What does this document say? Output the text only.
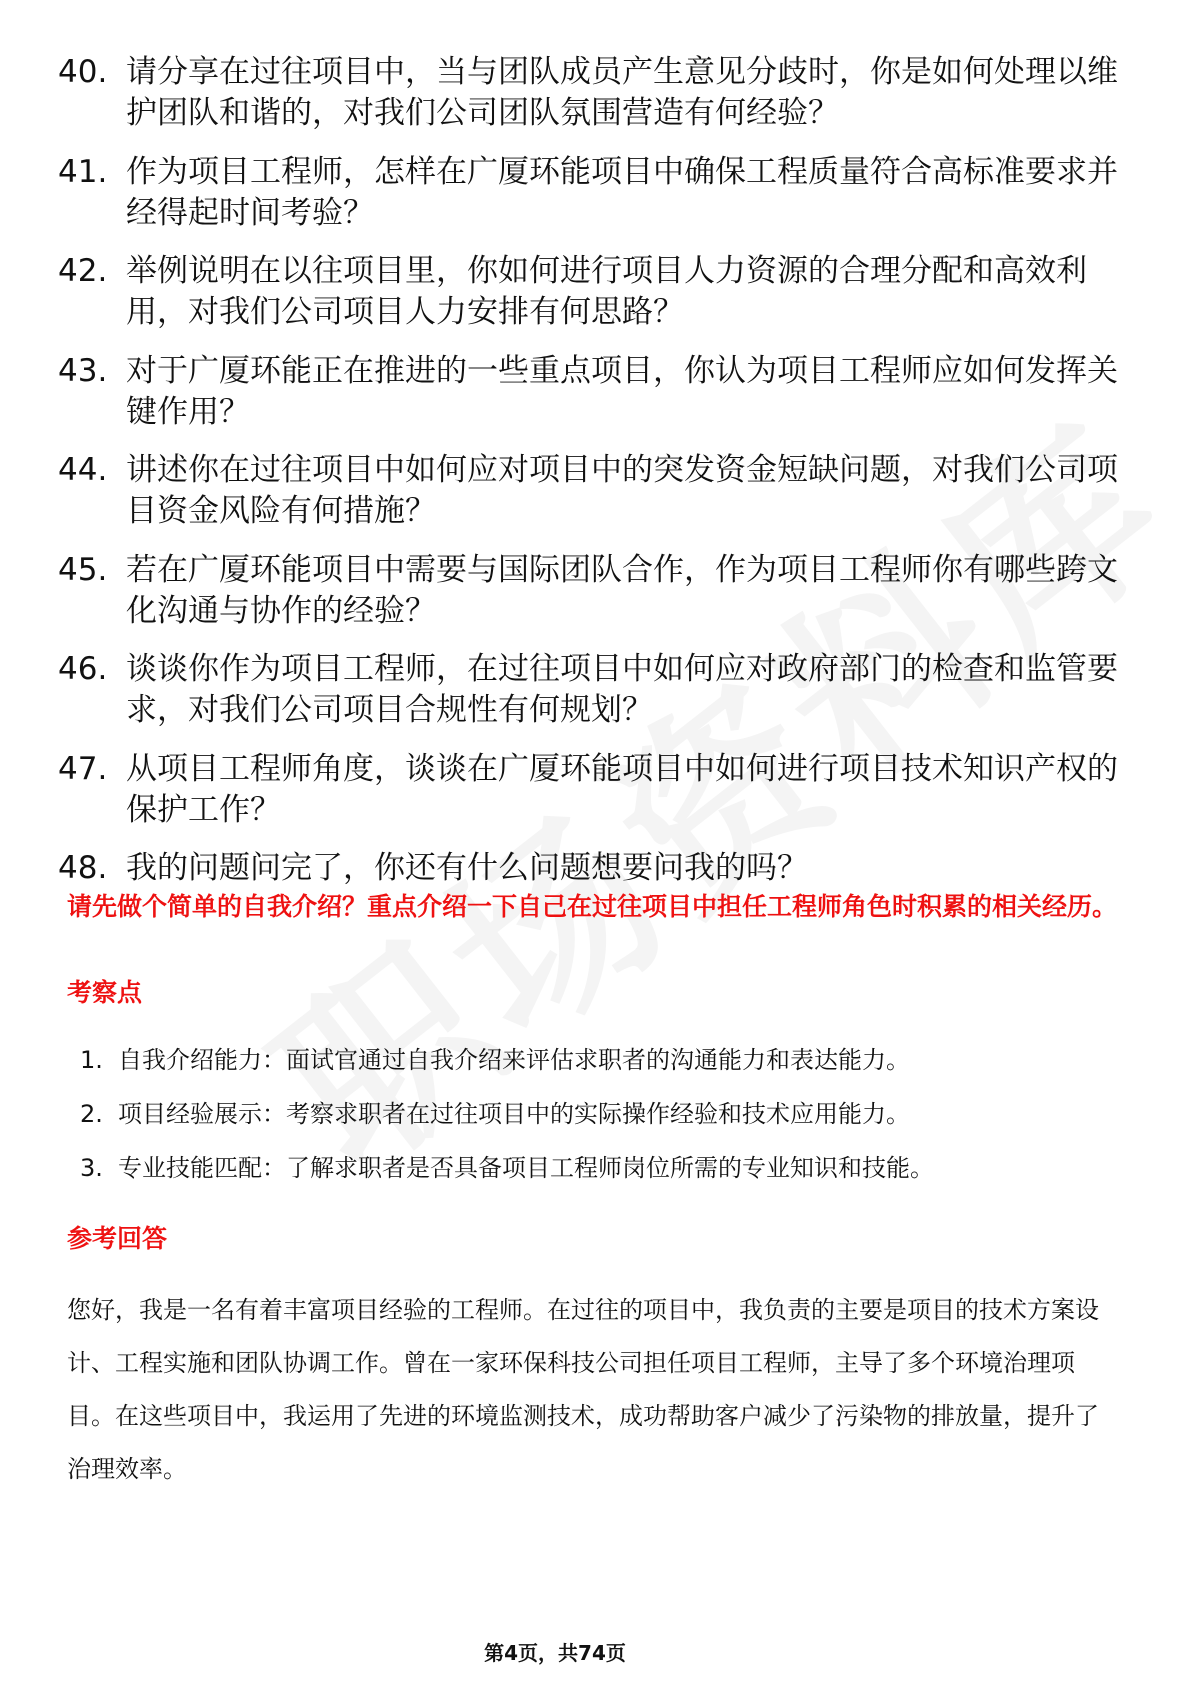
40. 请分享在过往项目中，当与团队成员产生意见分歧时，你是如何处理以维护团队和谐的，对我们公司团队氛围营造有何经验？
41. 作为项目工程师，怎样在广厦环能项目中确保工程质量符合高标准要求并经得起时间考验？
42. 举例说明在以往项目里，你如何进行项目人力资源的合理分配和高效利用，对我们公司项目人力安排有何思路？
43. 对于广厦环能正在推进的一些重点项目，你认为项目工程师应如何发挥关键作用？
44. 讲述你在过往项目中如何应对项目中的突发资金短缺问题，对我们公司项目资金风险有何措施？
45. 若在广厦环能项目中需要与国际团队合作，作为项目工程师你有哪些跨文化沟通与协作的经验？
46. 谈谈你作为项目工程师，在过往项目中如何应对政府部门的检查和监管要求，对我们公司项目合规性有何规划？
47. 从项目工程师角度，谈谈在广厦环能项目中如何进行项目技术知识产权的保护工作？
48. 我的问题问完了，你还有什么问题想要问我的吗？

请先做个简单的自我介绍？重点介绍一下自己在过往项目中担任工程师角色时积累的相关经历。

考察点
1. 自我介绍能力：面试官通过自我介绍来评估求职者的沟通能力和表达能力。
2. 项目经验展示：考察求职者在过往项目中的实际操作经验和技术应用能力。
3. 专业技能匹配：了解求职者是否具备项目工程师岗位所需的专业知识和技能。
参考回答

您好，我是一名有着丰富项目经验的工程师。在过往的项目中，我负责的主要是项目的技术方案设计、工程实施和团队协调工作。曾在一家环保科技公司担任项目工程师，主导了多个环境治理项目。在这些项目中，我运用了先进的环境监测技术，成功帮助客户减少了污染物的排放量，提升了治理效率。

第4页，共74页
